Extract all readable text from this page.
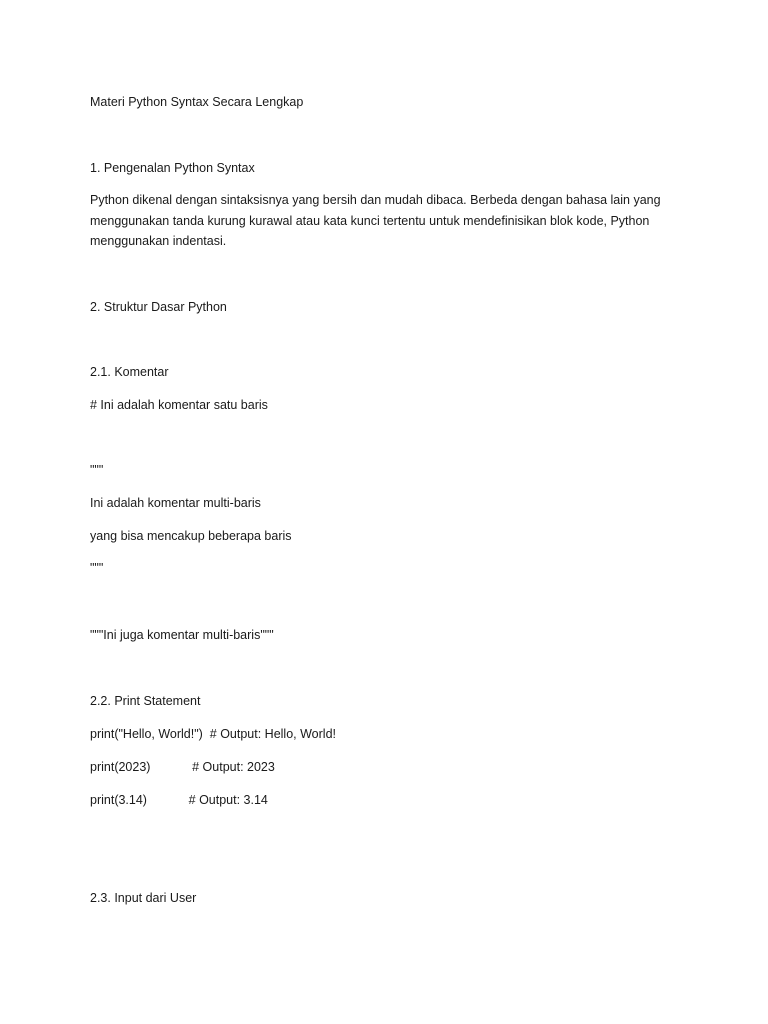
Materi Python Syntax Secara Lengkap

1. Pengenalan Python Syntax

Python dikenal dengan sintaksisnya yang bersih dan mudah dibaca. Berbeda dengan bahasa lain yang menggunakan tanda kurung kurawal atau kata kunci tertentu untuk mendefinisikan blok kode, Python menggunakan indentasi.

2. Struktur Dasar Python

2.1. Komentar

# Ini adalah komentar satu baris

"""

Ini adalah komentar multi-baris

yang bisa mencakup beberapa baris

"""

"""Ini juga komentar multi-baris"""

2.2. Print Statement

print("Hello, World!")  # Output: Hello, World!

print(2023)            # Output: 2023

print(3.14)            # Output: 3.14

2.3. Input dari User
